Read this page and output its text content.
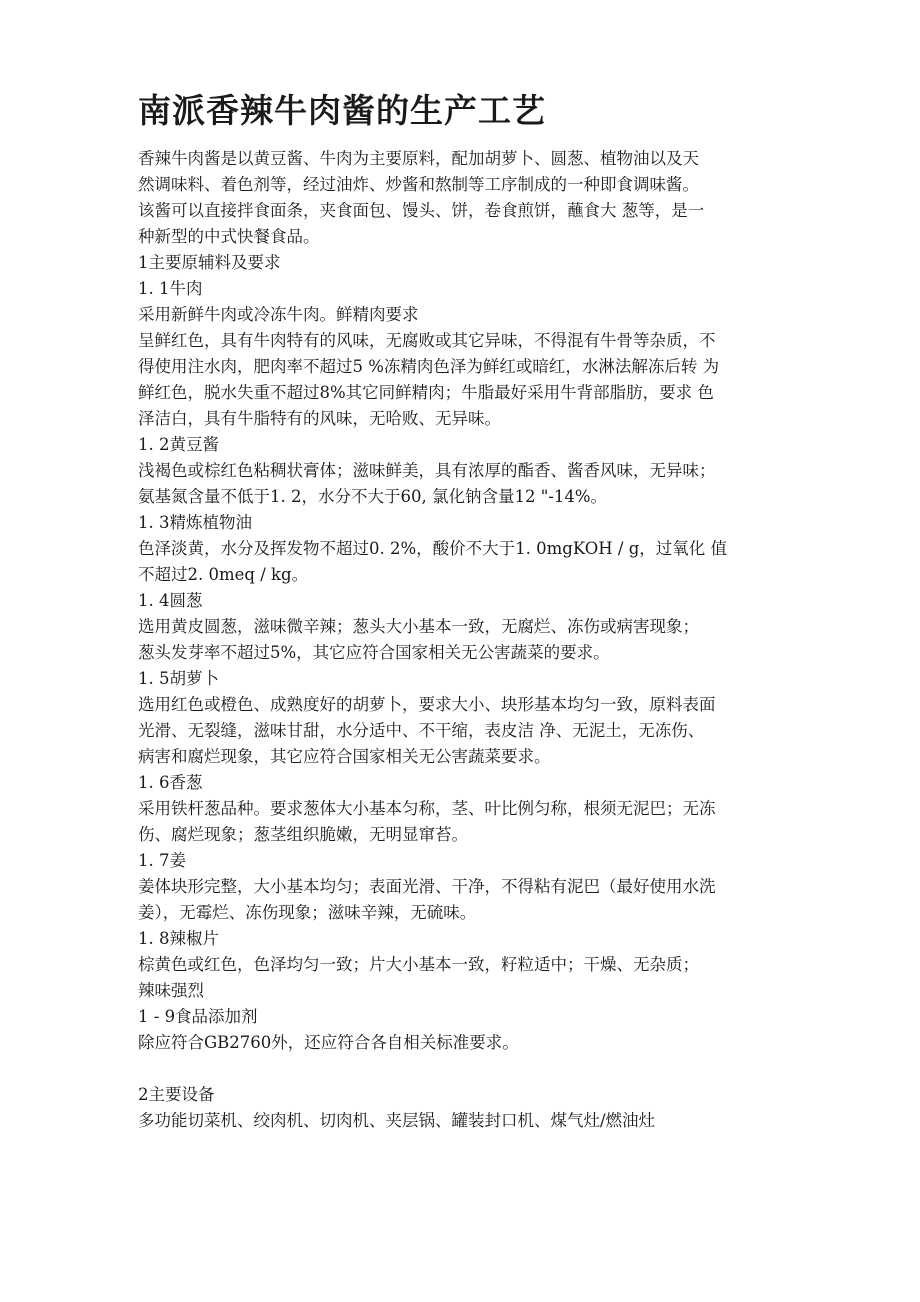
南派香辣牛肉酱的生产工艺

香辣牛肉酱是以黄豆酱、牛肉为主要原料，配加胡萝卜、圆葱、植物油以及天
然调味料、着色剂等，经过油炸、炒酱和熬制等工序制成的一种即食调味酱。
该酱可以直接拌食面条，夹食面包、馒头、饼，卷食煎饼，蘸食大 葱等，是一
种新型的中式快餐食品。

1主要原辅料及要求

1. 1牛肉

采用新鲜牛肉或冷冻牛肉。鲜精肉要求
呈鲜红色，具有牛肉特有的风味，无腐败或其它异味，不得混有牛骨等杂质，不
得使用注水肉，肥肉率不超过5 %冻精肉色泽为鲜红或暗红，水淋法解冻后转 为
鲜红色，脱水失重不超过8%其它同鲜精肉；牛脂最好采用牛背部脂肪，要求 色
泽洁白，具有牛脂特有的风味，无哈败、无异味。

1. 2黄豆酱

浅褐色或棕红色粘稠状膏体；滋味鲜美，具有浓厚的酯香、酱香风味，无异味；
氨基氮含量不低于1. 2，水分不大于60, 氯化钠含量12 "-14%。

1. 3精炼植物油

色泽淡黄，水分及挥发物不超过0. 2%，酸价不大于1. 0mgKOH / g，过氧化 值
不超过2. 0meq / kg。

1. 4圆葱

选用黄皮圆葱，滋味微辛辣；葱头大小基本一致，无腐烂、冻伤或病害现象；
葱头发芽率不超过5%，其它应符合国家相关无公害蔬菜的要求。

1. 5胡萝卜

选用红色或橙色、成熟度好的胡萝卜，要求大小、块形基本均匀一致，原料表面
光滑、无裂缝，滋味甘甜，水分适中、不干缩，表皮洁 净、无泥土，无冻伤、
病害和腐烂现象，其它应符合国家相关无公害蔬菜要求。

1. 6香葱

采用铁杆葱品种。要求葱体大小基本匀称，茎、叶比例匀称，根须无泥巴；无冻
伤、腐烂现象；葱茎组织脆嫩，无明显窜苔。

1. 7姜

姜体块形完整，大小基本均匀；表面光滑、干净，不得粘有泥巴（最好使用水洗
姜），无霉烂、冻伤现象；滋味辛辣，无硫味。

1. 8辣椒片

棕黄色或红色，色泽均匀一致；片大小基本一致，籽粒适中；干燥、无杂质；
辣味强烈

1 - 9食品添加剂

除应符合GB2760外，还应符合各自相关标准要求。

2主要设备

多功能切菜机、绞肉机、切肉机、夹层锅、罐装封口机、煤气灶/燃油灶
